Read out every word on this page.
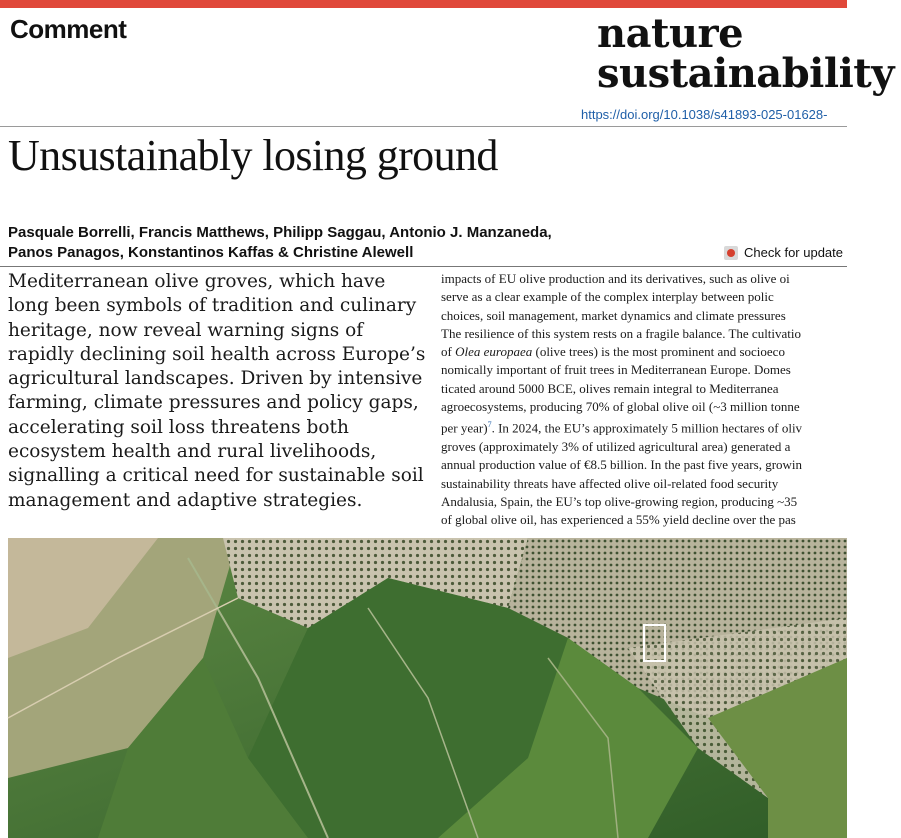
Comment	nature
sustainability
https://doi.org/10.1038/s41893-025-01628-
Unsustainably losing ground
Pasquale Borrelli, Francis Matthews, Philipp Saggau, Antonio J. Manzaneda,
Panos Panagos, Konstantinos Kaffas & Christine Alewell	Check for update

Mediterranean olive groves, which have long been symbols of tradition and culinary heritage, now reveal warning signs of rapidly declining soil health across Europe’s agricultural landscapes. Driven by intensive farming, climate pressures and policy gaps, accelerating soil loss threatens both ecosystem health and rural livelihoods, signalling a critical need for sustainable soil management and adaptive strategies.

impacts of EU olive production and its derivatives, such as olive oi
serve as a clear example of the complex interplay between polic
choices, soil management, market dynamics and climate pressures
The resilience of this system rests on a fragile balance. The cultivatio
of Olea europaea (olive trees) is the most prominent and socioeco
nomically important of fruit trees in Mediterranean Europe. Domes
ticated around 5000 BCE, olives remain integral to Mediterranea
agroecosystems, producing 70% of global olive oil (~3 million tonne
per year)$^7$. In 2024, the EU’s approximately 5 million hectares of oliv
groves (approximately 3% of utilized agricultural area) generated a
annual production value of €8.5 billion. In the past five years, growin
sustainability threats have affected olive oil-related food security
Andalusia, Spain, the EU’s top olive-growing region, producing ~35
of global olive oil, has experienced a 55% yield decline over the pas
